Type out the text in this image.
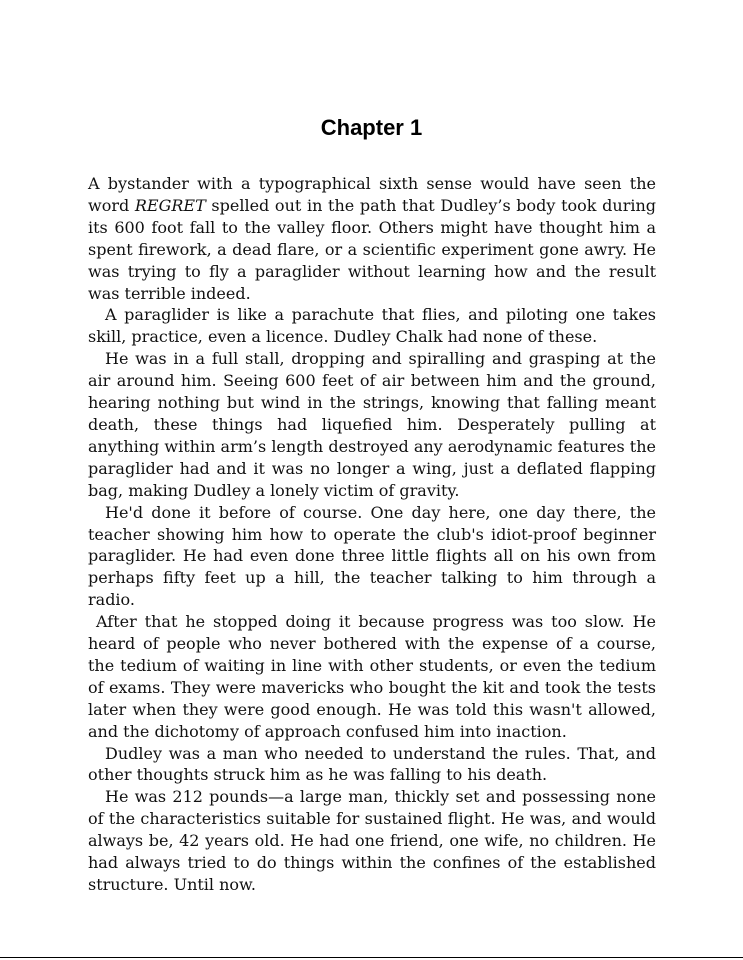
Chapter 1

A bystander with a typographical sixth sense would have seen the word REGRET spelled out in the path that Dudley’s body took during its 600 foot fall to the valley floor. Others might have thought him a spent firework, a dead flare, or a scientific experiment gone awry. He was trying to fly a paraglider without learning how and the result was terrible indeed.

A paraglider is like a parachute that flies, and piloting one takes skill, practice, even a licence. Dudley Chalk had none of these.

He was in a full stall, dropping and spiralling and grasping at the air around him. Seeing 600 feet of air between him and the ground, hearing nothing but wind in the strings, knowing that falling meant death, these things had liquefied him. Desperately pulling at anything within arm’s length destroyed any aerodynamic features the paraglider had and it was no longer a wing, just a deflated flapping bag, making Dudley a lonely victim of gravity.

He'd done it before of course. One day here, one day there, the teacher showing him how to operate the club's idiot-proof beginner paraglider. He had even done three little flights all on his own from perhaps fifty feet up a hill, the teacher talking to him through a radio.

After that he stopped doing it because progress was too slow. He heard of people who never bothered with the expense of a course, the tedium of waiting in line with other students, or even the tedium of exams. They were mavericks who bought the kit and took the tests later when they were good enough. He was told this wasn't allowed, and the dichotomy of approach confused him into inaction.

Dudley was a man who needed to understand the rules. That, and other thoughts struck him as he was falling to his death.

He was 212 pounds—a large man, thickly set and possessing none of the characteristics suitable for sustained flight. He was, and would always be, 42 years old. He had one friend, one wife, no children. He had always tried to do things within the confines of the established structure. Until now.
